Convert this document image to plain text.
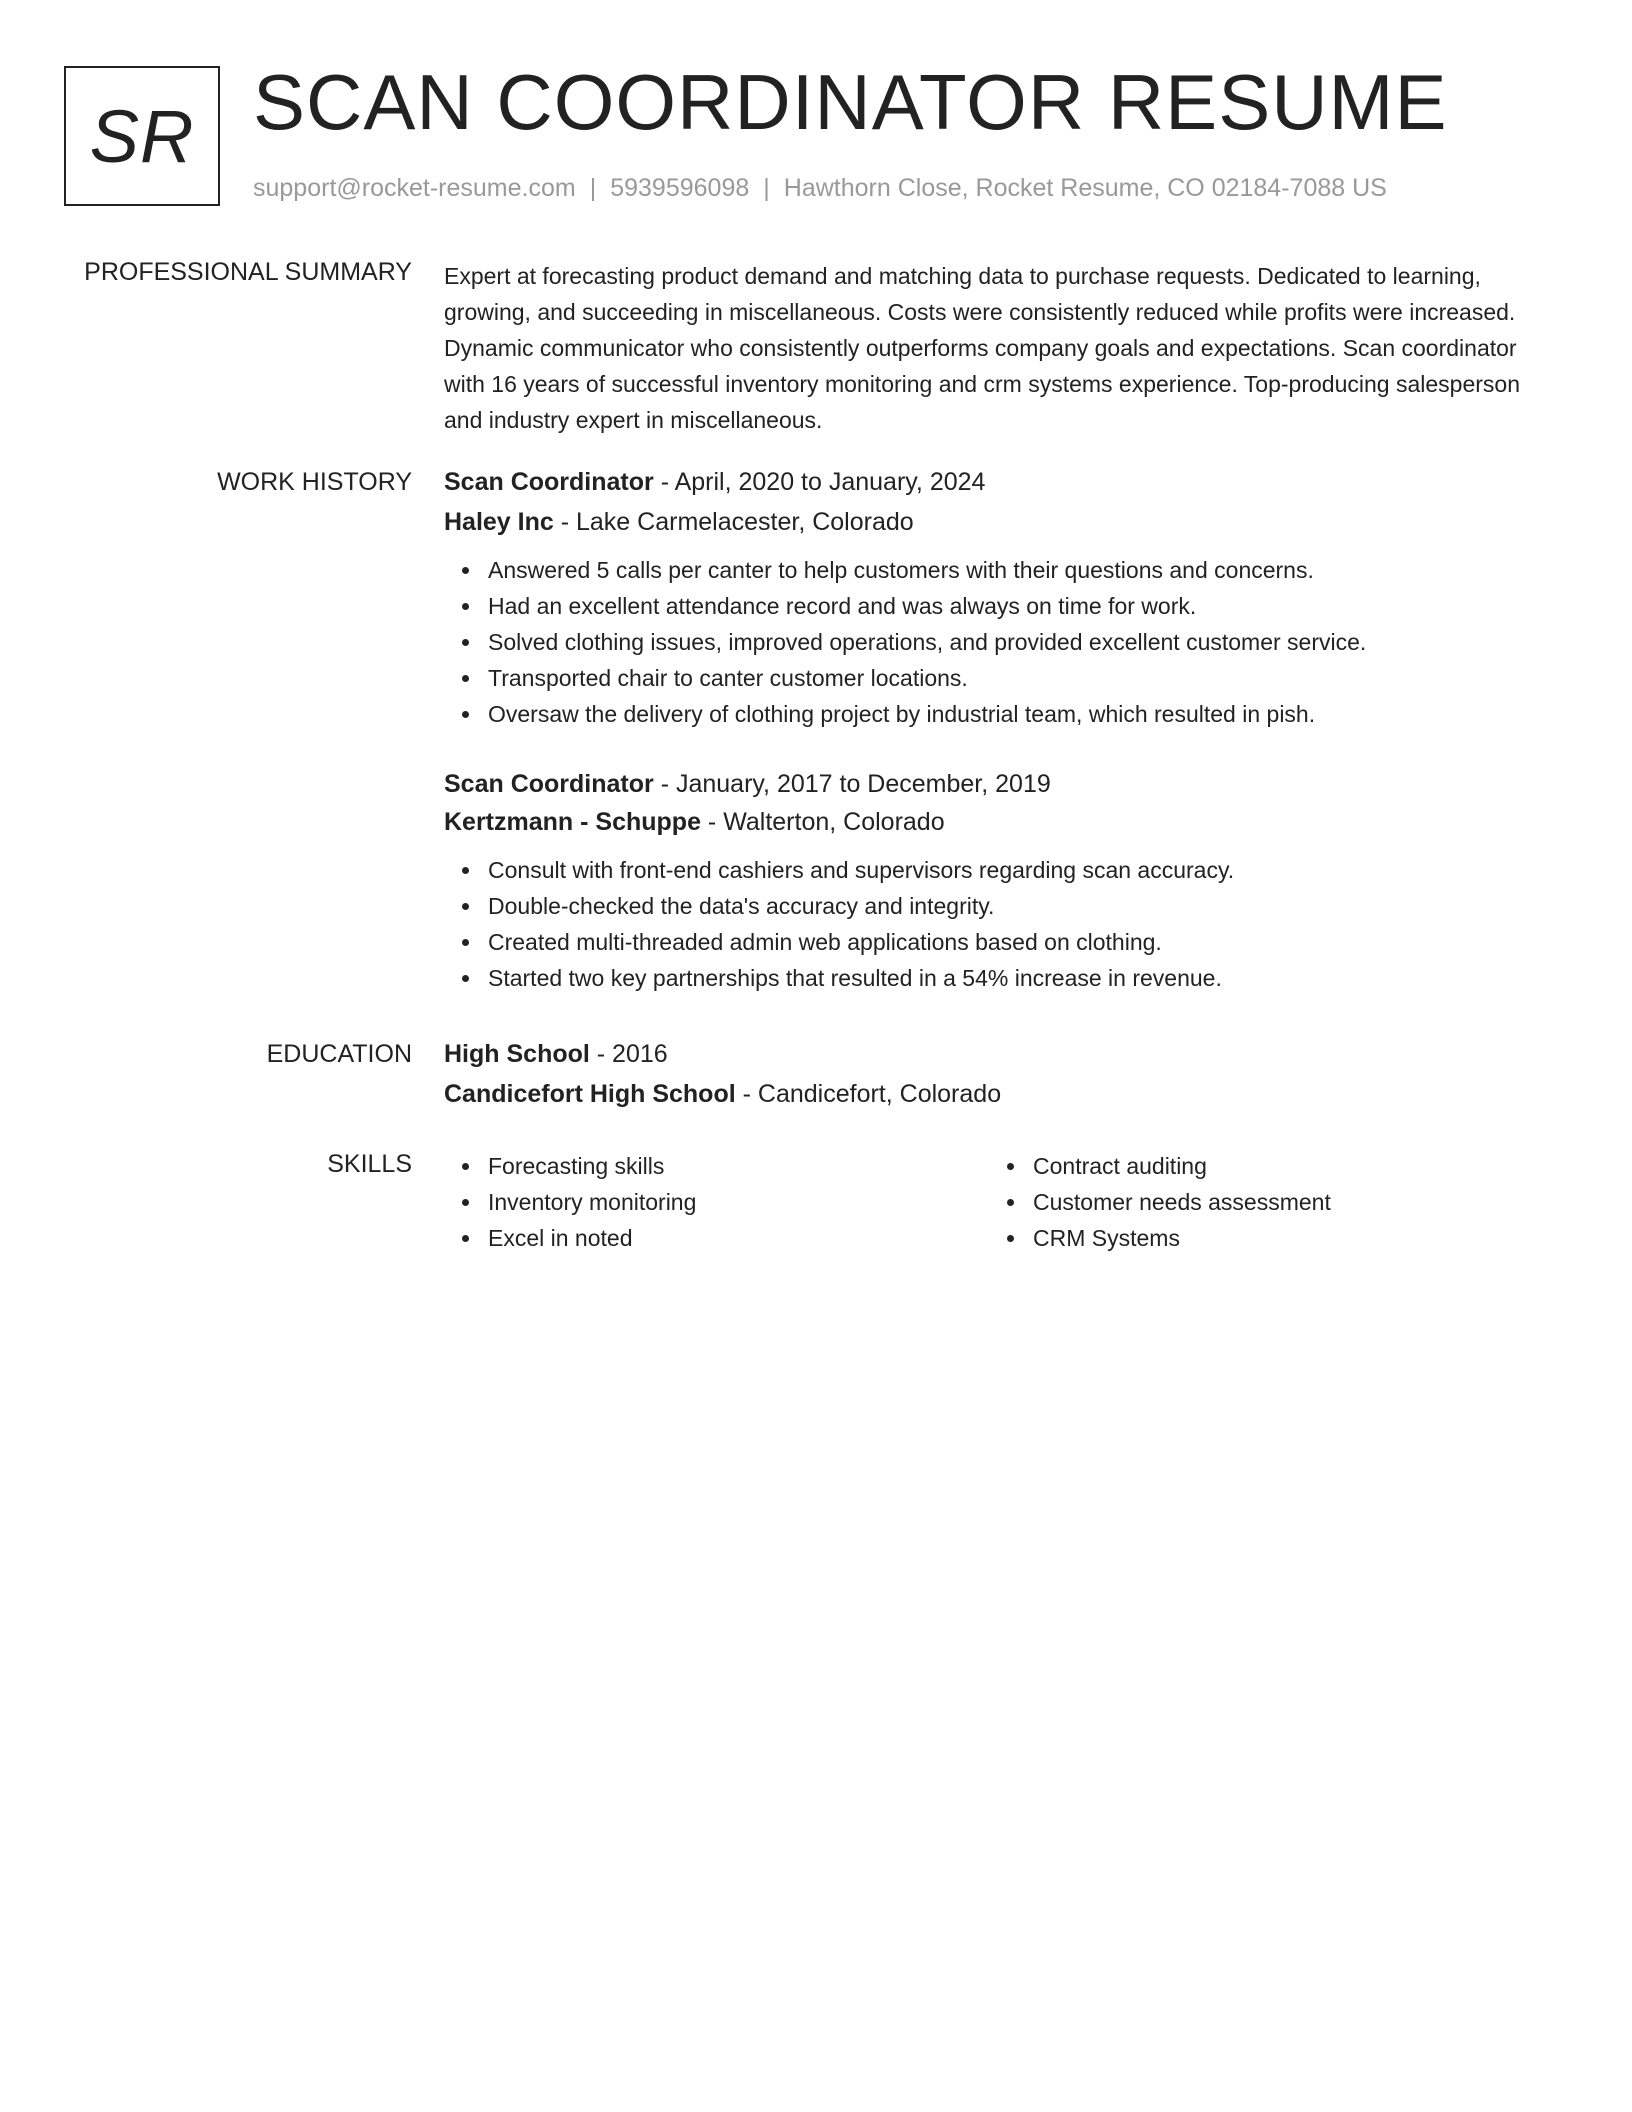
SR SCAN COORDINATOR RESUME
support@rocket-resume.com | 5939596098 | Hawthorn Close, Rocket Resume, CO 02184-7088 US
PROFESSIONAL SUMMARY Expert at forecasting product demand and matching data to purchase requests. Dedicated to learning, growing, and succeeding in miscellaneous. Costs were consistently reduced while profits were increased. Dynamic communicator who consistently outperforms company goals and expectations. Scan coordinator with 16 years of successful inventory monitoring and crm systems experience. Top-producing salesperson and industry expert in miscellaneous.

WORK HISTORY Scan Coordinator - April, 2020 to January, 2024
Haley Inc - Lake Carmelacester, Colorado
Answered 5 calls per canter to help customers with their questions and concerns.
Had an excellent attendance record and was always on time for work.
Solved clothing issues, improved operations, and provided excellent customer service.
Transported chair to canter customer locations.
Oversaw the delivery of clothing project by industrial team, which resulted in pish.
Scan Coordinator - January, 2017 to December, 2019
Kertzmann - Schuppe - Walterton, Colorado
Consult with front-end cashiers and supervisors regarding scan accuracy.
Double-checked the data's accuracy and integrity.
Created multi-threaded admin web applications based on clothing.
Started two key partnerships that resulted in a 54% increase in revenue.
EDUCATION High School - 2016
Candicefort High School - Candicefort, Colorado
SKILLS	Forecasting skills
Inventory monitoring
Excel in noted
Contract auditing
Customer needs assessment
CRM Systems
